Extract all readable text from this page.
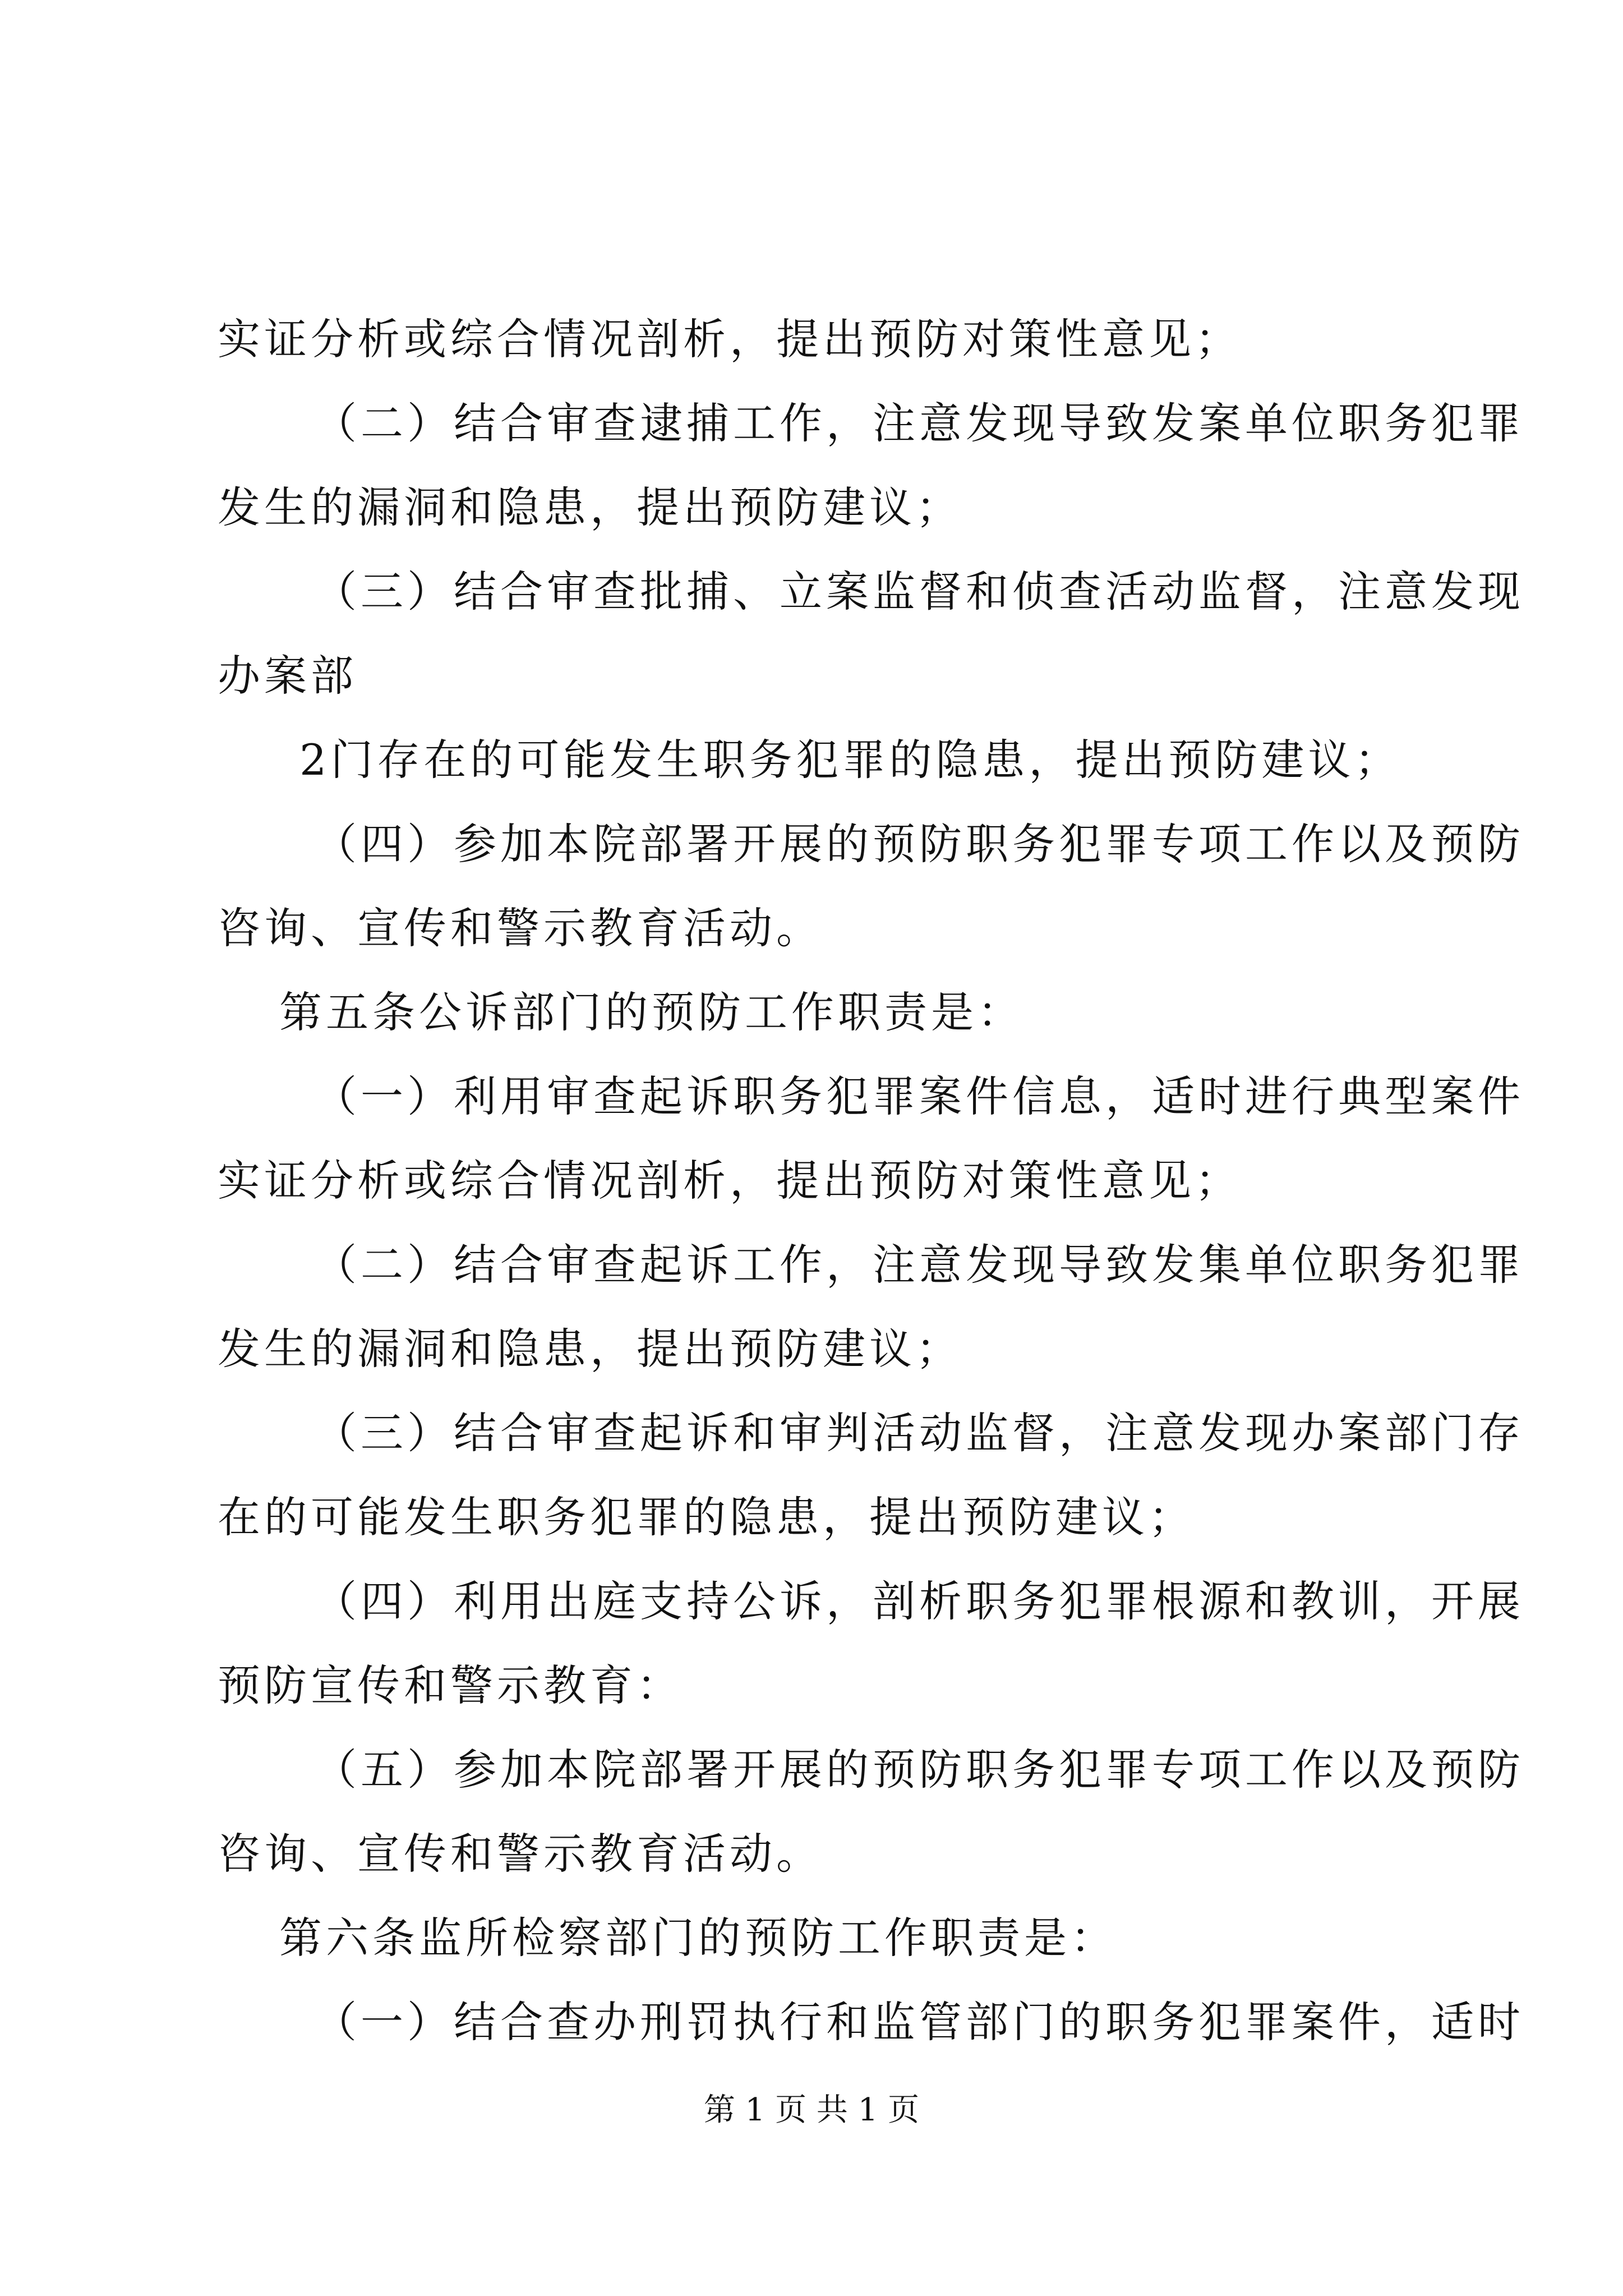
实证分析或综合情况剖析，提出预防对策性意见；
（二）结合审查逮捕工作，注意发现导致发案单位职务犯罪
发生的漏洞和隐患，提出预防建议；
（三）结合审查批捕、立案监督和侦查活动监督，注意发现
办案部
2门存在的可能发生职务犯罪的隐患，提出预防建议；
（四）参加本院部署开展的预防职务犯罪专项工作以及预防
咨询、宣传和警示教育活动。
第五条公诉部门的预防工作职责是：
（一）利用审查起诉职务犯罪案件信息，适时进行典型案件
实证分析或综合情况剖析，提出预防对策性意见；
（二）结合审查起诉工作，注意发现导致发集单位职务犯罪
发生的漏洞和隐患，提出预防建议；
（三）结合审查起诉和审判活动监督，注意发现办案部门存
在的可能发生职务犯罪的隐患，提出预防建议；
（四）利用出庭支持公诉，剖析职务犯罪根源和教训，开展
预防宣传和警示教育：
（五）参加本院部署开展的预防职务犯罪专项工作以及预防
咨询、宣传和警示教育活动。
第六条监所检察部门的预防工作职责是：
（一）结合查办刑罚执行和监管部门的职务犯罪案件，适时
第 1 页 共 1 页
